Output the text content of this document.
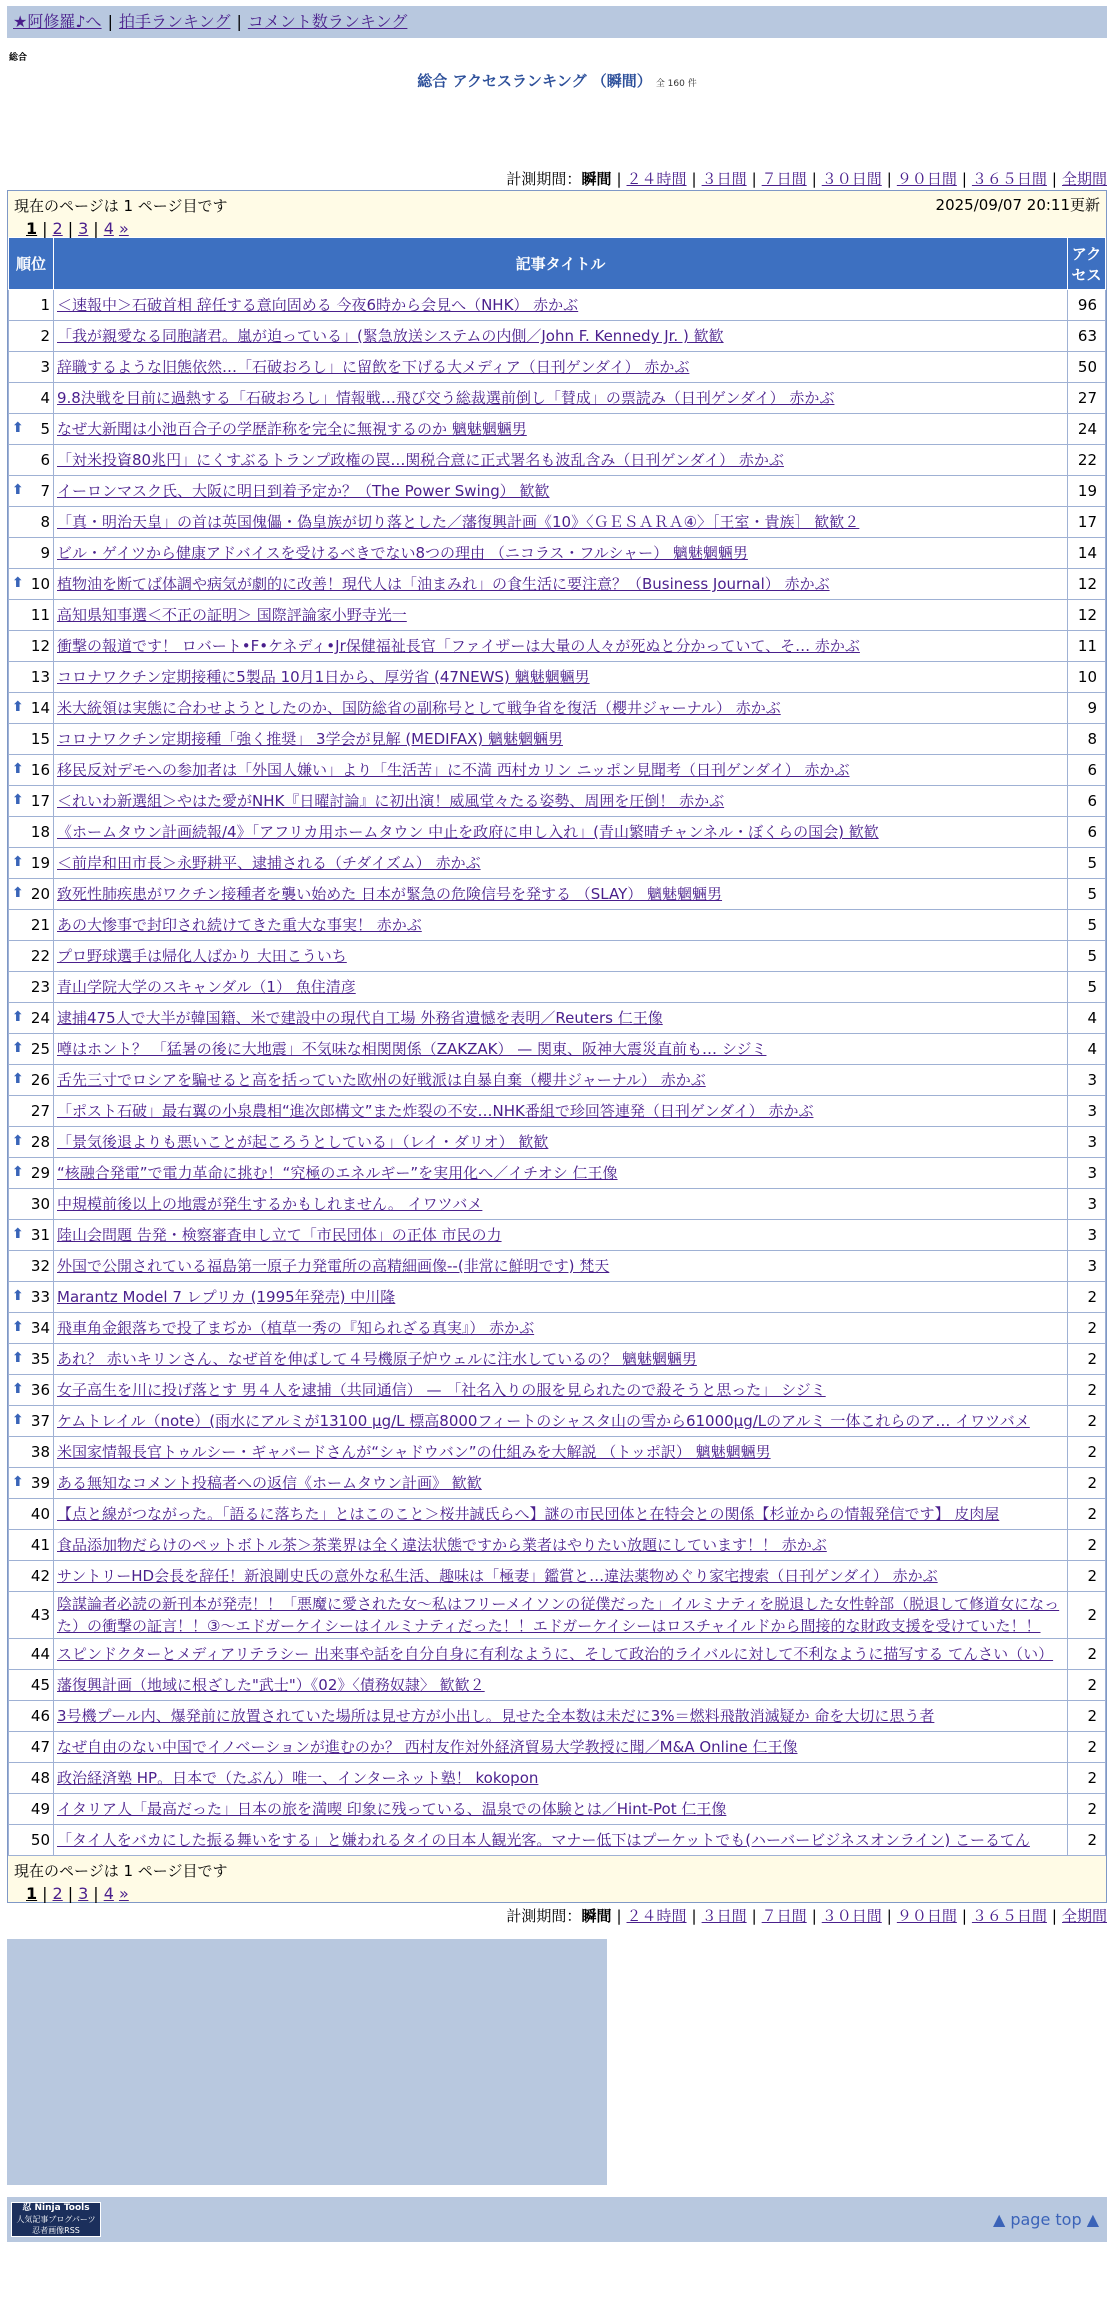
★阿修羅♪へ | 拍手ランキング | コメント数ランキング
総合
総合 アクセスランキング （瞬間） 全 160 件
計測期間：瞬間 | ２４時間 | ３日間 | ７日間 | ３０日間 | ９０日間 | ３６５日間 | 全期間
現在のページは 1 ページ目です	2025/09/07 20:11更新
1 | 2 | 3 | 4 »
順位	記事タイトル	アクセス
1	＜速報中＞石破首相 辞任する意向固める 今夜6時から会見へ（NHK） 赤かぶ	96
2	「我が親愛なる同胞諸君。嵐が迫っている」(緊急放送システムの内側／John F. Kennedy Jr. ) 歓歓	63
3	辞職するような旧態依然…「石破おろし」に留飲を下げる大メディア（日刊ゲンダイ） 赤かぶ	50
4	9.8決戦を目前に過熱する「石破おろし」情報戦…飛び交う総裁選前倒し「賛成」の票読み（日刊ゲンダイ） 赤かぶ	27

⬆ 5	なぜ大新聞は小池百合子の学歴詐称を完全に無視するのか 魑魅魍魎男	24
6	「対米投資80兆円」にくすぶるトランプ政権の罠…関税合意に正式署名も波乱含み（日刊ゲンダイ） 赤かぶ	22

⬆ 7	イーロンマスク氏、大阪に明日到着予定か？（The Power Swing） 歓歓	19
8	「真・明治天皇」の首は英国傀儡・偽皇族が切り落とした／藩復興計画《10》〈ＧＥＳＡＲＡ④〉［王室・貴族］ 歓歓２	17
9	ビル・ゲイツから健康アドバイスを受けるべきでない8つの理由 （ニコラス・フルシャー） 魑魅魍魎男	14

⬆ 10	植物油を断てば体調や病気が劇的に改善！現代人は「油まみれ」の食生活に要注意？（Business Journal） 赤かぶ	12
11	高知県知事選＜不正の証明＞ 国際評論家小野寺光一	12
12	衝撃の報道です！ ロバート•F•ケネディ•Jr保健福祉長官「ファイザーは大量の人々が死ぬと分かっていて、そ… 赤かぶ	11
13	コロナワクチン定期接種に5製品 10月1日から、厚労省 (47NEWS) 魑魅魍魎男	10

⬆ 14	米大統領は実態に合わせようとしたのか、国防総省の副称号として戦争省を復活（櫻井ジャーナル） 赤かぶ	9
15	コロナワクチン定期接種「強く推奨」 3学会が見解 (MEDIFAX) 魑魅魍魎男	8

⬆ 16	移民反対デモへの参加者は「外国人嫌い」より「生活苦」に不満 西村カリン ニッポン見聞考（日刊ゲンダイ） 赤かぶ	6

⬆ 17	＜れいわ新選組＞やはた愛がNHK『日曜討論』に初出演！威風堂々たる姿勢、周囲を圧倒！ 赤かぶ	6
18	《ホームタウン計画続報/4》「アフリカ用ホームタウン 中止を政府に申し入れ」(青山繁晴チャンネル・ぼくらの国会) 歓歓	6

⬆ 19	＜前岸和田市長＞永野耕平、逮捕される（チダイズム） 赤かぶ	5

⬆ 20	致死性肺疾患がワクチン接種者を襲い始めた 日本が緊急の危険信号を発する （SLAY） 魑魅魍魎男	5
21	あの大惨事で封印され続けてきた重大な事実！ 赤かぶ	5
22	プロ野球選手は帰化人ばかり 大田こういち	5
23	青山学院大学のスキャンダル（1） 魚住清彦	5

⬆ 24	逮捕475人で大半が韓国籍、米で建設中の現代自工場 外務省遺憾を表明／Reuters 仁王像	4

⬆ 25	噂はホント？ 「猛暑の後に大地震」不気味な相関関係（ZAKZAK） — 関東、阪神大震災直前も… シジミ	4

⬆ 26	舌先三寸でロシアを騙せると高を括っていた欧州の好戦派は自暴自棄（櫻井ジャーナル） 赤かぶ	3
27	「ポスト石破」最右翼の小泉農相“進次郎構文”また炸裂の不安…NHK番組で珍回答連発（日刊ゲンダイ） 赤かぶ	3

⬆ 28	「景気後退よりも悪いことが起ころうとしている」（レイ・ダリオ） 歓歓	3

⬆ 29	“核融合発電”で電力革命に挑む！“究極のエネルギー”を実用化へ／イチオシ 仁王像	3
30	中規模前後以上の地震が発生するかもしれません。 イワツバメ	3

⬆ 31	陸山会問題 告発・検察審査申し立て「市民団体」の正体 市民の力	3
32	外国で公開されている福島第一原子力発電所の高精細画像--(非常に鮮明です) 梵天	3

⬆ 33	Marantz Model 7 レプリカ (1995年発売) 中川隆	2

⬆ 34	飛車角金銀落ちで投了まぢか（植草一秀の『知られざる真実』） 赤かぶ	2

⬆ 35	あれ？ 赤いキリンさん、なぜ首を伸ばして４号機原子炉ウェルに注水しているの？ 魑魅魍魎男	2

⬆ 36	女子高生を川に投げ落とす 男４人を逮捕（共同通信） — 「社名入りの服を見られたので殺そうと思った」 シジミ	2

⬆ 37	ケムトレイル（note）(雨水にアルミが13100 μg/L 標高8000フィートのシャスタ山の雪から61000μg/Lのアルミ 一体これらのア… イワツバメ	2
38	米国家情報長官トゥルシー・ギャバードさんが“シャドウバン”の仕組みを大解説 （トッポ訳） 魑魅魍魎男	2

⬆ 39	ある無知なコメント投稿者への返信《ホームタウン計画》 歓歓	2
40	【点と線がつながった。「語るに落ちた」とはこのこと＞桜井誠氏らへ】謎の市民団体と在特会との関係【杉並からの情報発信です】 皮肉屋	2
41	食品添加物だらけのペットボトル茶＞茶業界は全く違法状態ですから業者はやりたい放題にしています！！ 赤かぶ	2
42	サントリーHD会長を辞任！新浪剛史氏の意外な私生活、趣味は「極妻」鑑賞と…違法薬物めぐり家宅捜索（日刊ゲンダイ） 赤かぶ	2
43	陰謀論者必読の新刊本が発売！！「悪魔に愛された女〜私はフリーメイソンの従僕だった」イルミナティを脱退した女性幹部（脱退して修道女になった）の衝撃の証言！！③〜エドガーケイシーはイルミナティだった！！エドガーケイシーはロスチャイルドから間接的な財政支援を受けていた！！	2
44	スピンドクターとメディアリテラシー 出来事や話を自分自身に有利なように、そして政治的ライバルに対して不利なように描写する てんさい（い）	2
45	藩復興計画（地域に根ざした"武士"）《02》〈債務奴隷〉 歓歓２	2
46	3号機プール内、爆発前に放置されていた場所は見せ方が小出し。見せた全本数は未だに3%＝燃料飛散消滅疑か 命を大切に思う者	2
47	なぜ自由のない中国でイノベーションが進むのか？ 西村友作対外経済貿易大学教授に聞／M&A Online 仁王像	2
48	政治経済塾 HP。日本で（たぶん）唯一、インターネット塾！ kokopon	2
49	イタリア人「最高だった」日本の旅を満喫 印象に残っている、温泉での体験とは／Hint-Pot 仁王像	2
50	「タイ人をバカにした振る舞いをする」と嫌われるタイの日本人観光客。マナー低下はプーケットでも(ハーバービジネスオンライン) こーるてん	2
現在のページは 1 ページ目です
1 | 2 | 3 | 4 »
計測期間：瞬間 | ２４時間 | ３日間 | ７日間 | ３０日間 | ９０日間 | ３６５日間 | 全期間
忍 Ninja Tools
人気記事ブログパーツ
忍者画像RSS
▲ page top ▲
